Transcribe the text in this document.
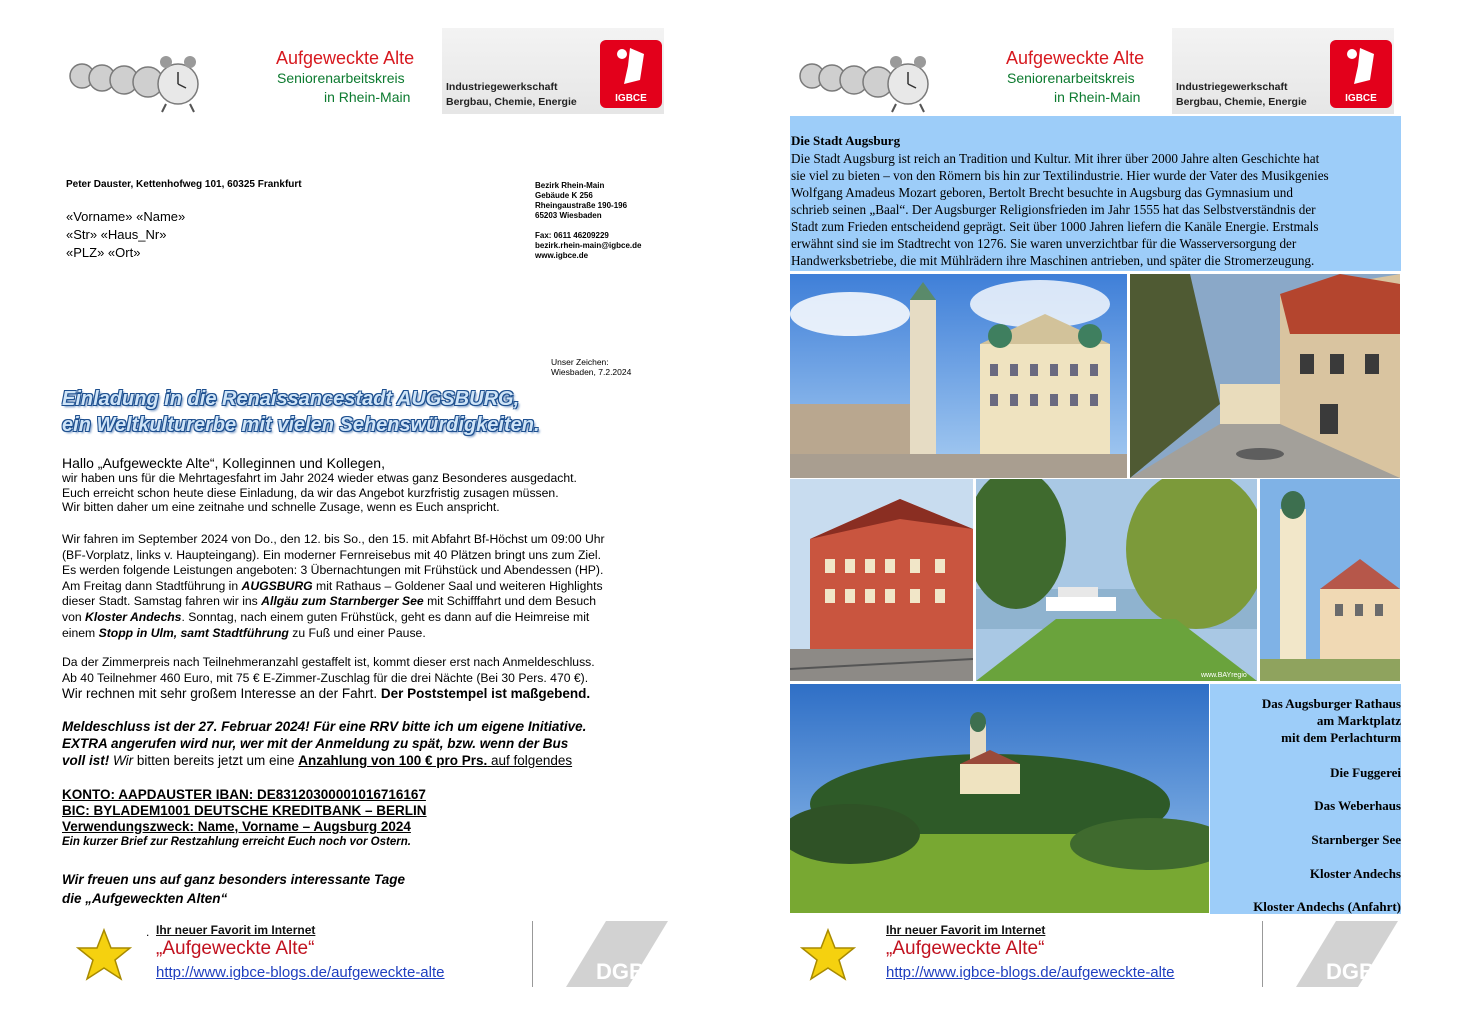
Aufgeweckte Alte
Seniorenarbeitskreis
in Rhein-Main
Industriegewerkschaft
Bergbau, Chemie, Energie	IGBCE
Peter Dauster, Kettenhofweg 101, 60325 Frankfurt
«Vorname» «Name»
«Str» «Haus_Nr»
«PLZ» «Ort»
Bezirk Rhein-Main
Gebäude K 256
Rheingaustraße 190-196
65203 Wiesbaden
Fax: 0611 46209229
bezirk.rhein-main@igbce.de
www.igbce.de
Unser Zeichen:
Wiesbaden, 7.2.2024
Einladung in die Renaissancestadt AUGSBURG,
ein Weltkulturerbe mit vielen Sehenswürdigkeiten.
Hallo „Aufgeweckte Alte“, Kolleginnen und Kollegen,
wir haben uns für die Mehrtagesfahrt im Jahr 2024 wieder etwas ganz Besonderes ausgedacht.
Euch erreicht schon heute diese Einladung, da wir das Angebot kurzfristig zusagen müssen.
Wir bitten daher um eine zeitnahe und schnelle Zusage, wenn es Euch anspricht.
Wir fahren im September 2024 von Do., den 12. bis So., den 15. mit Abfahrt Bf-Höchst um 09:00 Uhr
(BF-Vorplatz, links v. Haupteingang). Ein moderner Fernreisebus mit 40 Plätzen bringt uns zum Ziel.
Es werden folgende Leistungen angeboten: 3 Übernachtungen mit Frühstück und Abendessen (HP).
Am Freitag dann Stadtführung in AUGSBURG mit Rathaus – Goldener Saal und weiteren Highlights
dieser Stadt. Samstag fahren wir ins Allgäu zum Starnberger See mit Schifffahrt und dem Besuch
von Kloster Andechs. Sonntag, nach einem guten Frühstück, geht es dann auf die Heimreise mit
einem Stopp in Ulm, samt Stadtführung zu Fuß und einer Pause.
Da der Zimmerpreis nach Teilnehmeranzahl gestaffelt ist, kommt dieser erst nach Anmeldeschluss.
Ab 40 Teilnehmer 460 Euro, mit 75 € E-Zimmer-Zuschlag für die drei Nächte (Bei 30 Pers. 470 €).
Wir rechnen mit sehr großem Interesse an der Fahrt. Der Poststempel ist maßgebend.
Meldeschluss ist der 27. Februar 2024! Für eine RRV bitte ich um eigene Initiative.
EXTRA angerufen wird nur, wer mit der Anmeldung zu spät, bzw. wenn der Bus
voll ist! Wir bitten bereits jetzt um eine Anzahlung von 100 € pro Prs. auf folgendes
KONTO: AAPDAUSTER IBAN: DE83120300001016716167
BIC: BYLADEM1001 DEUTSCHE KREDITBANK – BERLIN
Verwendungszweck: Name, Vorname – Augsburg 2024
Ein kurzer Brief zur Restzahlung erreicht Euch noch vor Ostern.
Wir freuen uns auf ganz besonders interessante Tage
die „Aufgeweckten Alten“
. Ihr neuer Favorit im Internet
„Aufgeweckte Alte“
http://www.igbce-blogs.de/aufgeweckte-alte	DGB
Aufgeweckte Alte
Seniorenarbeitskreis
in Rhein-Main
Industriegewerkschaft
Bergbau, Chemie, Energie	IGBCE
Die Stadt Augsburg
Die Stadt Augsburg ist reich an Tradition und Kultur. Mit ihrer über 2000 Jahre alten Geschichte hat
sie viel zu bieten – von den Römern bis hin zur Textilindustrie. Hier wurde der Vater des Musikgenies
Wolfgang Amadeus Mozart geboren, Bertolt Brecht besuchte in Augsburg das Gymnasium und
schrieb seinen „Baal“. Der Augsburger Religionsfrieden im Jahr 1555 hat das Selbstverständnis der
Stadt zum Frieden entscheidend geprägt. Seit über 1000 Jahren liefern die Kanäle Energie. Erstmals
erwähnt sind sie im Stadtrecht von 1276. Sie waren unverzichtbar für die Wasserversorgung der
Handwerksbetriebe, die mit Mühlrädern ihre Maschinen antrieben, und später die Stromerzeugung.
www.BAYregio
Das Augsburger Rathaus
am Marktplatz
mit dem Perlachturm
Die Fuggerei
Das Weberhaus
Starnberger See
Kloster Andechs
Kloster Andechs (Anfahrt)
Ihr neuer Favorit im Internet
„Aufgeweckte Alte“
http://www.igbce-blogs.de/aufgeweckte-alte	DGB
